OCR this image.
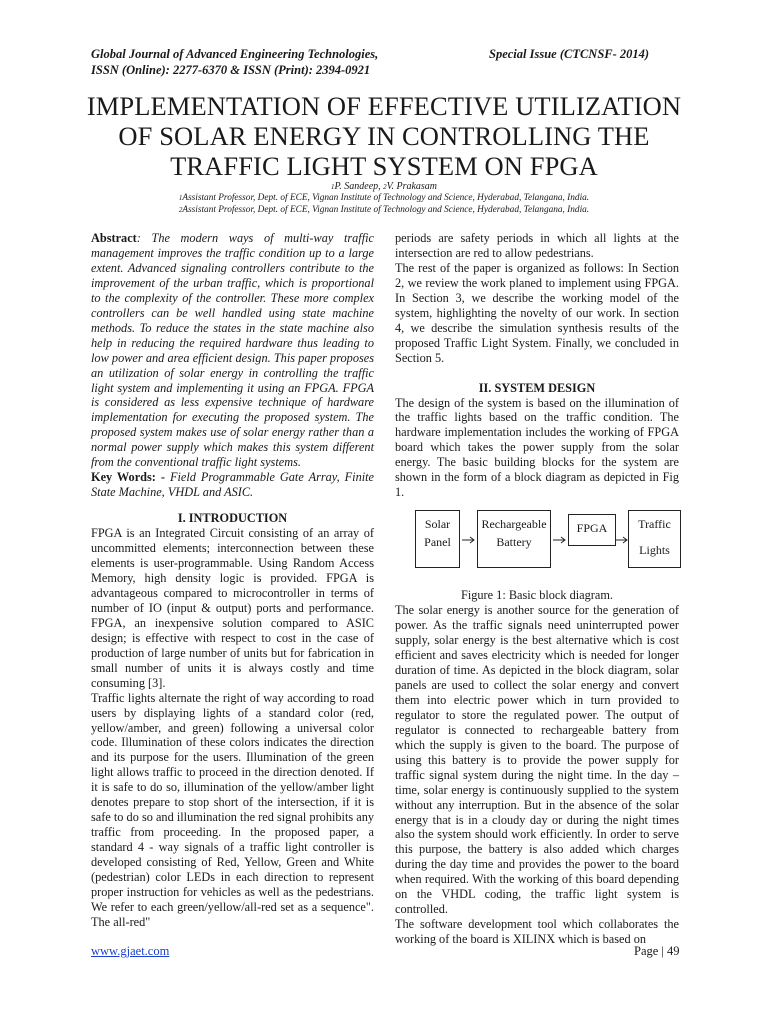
Global Journal of Advanced Engineering Technologies,
ISSN (Online): 2277-6370 & ISSN (Print): 2394-0921
Special Issue (CTCNSF- 2014)
IMPLEMENTATION OF EFFECTIVE UTILIZATION
OF SOLAR ENERGY IN CONTROLLING THE
TRAFFIC LIGHT SYSTEM ON FPGA
$^1$P. Sandeep, $^2$V. Prakasam
$^1$Assistant Professor, Dept. of ECE, Vignan Institute of Technology and Science, Hyderabad, Telangana, India.
$^2$Assistant Professor, Dept. of ECE, Vignan Institute of Technology and Science, Hyderabad, Telangana, India.

Abstract: The modern ways of multi-way traffic management improves the traffic condition up to a large extent. Advanced signaling controllers contribute to the improvement of the urban traffic, which is proportional to the complexity of the controller. These more complex controllers can be well handled using state machine methods. To reduce the states in the state machine also help in reducing the required hardware thus leading to low power and area efficient design. This paper proposes an utilization of solar energy in controlling the traffic light system and implementing it using an FPGA. FPGA is considered as less expensive technique of hardware implementation for executing the proposed system. The proposed system makes use of solar energy rather than a normal power supply which makes this system different from the conventional traffic light systems.

Key Words: - Field Programmable Gate Array, Finite State Machine, VHDL and ASIC.

I. INTRODUCTION

FPGA is an Integrated Circuit consisting of an array of uncommitted elements; interconnection between these elements is user-programmable. Using Random Access Memory, high density logic is provided. FPGA is advantageous compared to microcontroller in terms of number of IO (input & output) ports and performance. FPGA, an inexpensive solution compared to ASIC design; is effective with respect to cost in the case of production of large number of units but for fabrication in small number of units it is always costly and time consuming [3].

Traffic lights alternate the right of way according to road users by displaying lights of a standard color (red, yellow/amber, and green) following a universal color code. Illumination of these colors indicates the direction and its purpose for the users. Illumination of the green light allows traffic to proceed in the direction denoted. If it is safe to do so, illumination of the yellow/amber light denotes prepare to stop short of the intersection, if it is safe to do so and illumination the red signal prohibits any traffic from proceeding. In the proposed paper, a standard 4 - way signals of a traffic light controller is developed consisting of Red, Yellow, Green and White (pedestrian) color LEDs in each direction to represent proper instruction for vehicles as well as the pedestrians. We refer to each green/yellow/all-red set as a sequence". The all-red"

periods are safety periods in which all lights at the intersection are red to allow pedestrians.

The rest of the paper is organized as follows: In Section 2, we review the work planed to implement using FPGA. In Section 3, we describe the working model of the system, highlighting the novelty of our work. In section 4, we describe the simulation synthesis results of the proposed Traffic Light System. Finally, we concluded in Section 5.

II. SYSTEM DESIGN

The design of the system is based on the illumination of the traffic lights based on the traffic condition. The hardware implementation includes the working of FPGA board which takes the power supply from the solar energy. The basic building blocks for the system are shown in the form of a block diagram as depicted in Fig 1.

Figure 1: Basic block diagram.

The solar energy is another source for the generation of power. As the traffic signals need uninterrupted power supply, solar energy is the best alternative which is cost efficient and saves electricity which is needed for longer duration of time. As depicted in the block diagram, solar panels are used to collect the solar energy and convert them into electric power which in turn provided to regulator to store the regulated power. The output of regulator is connected to rechargeable battery from which the supply is given to the board. The purpose of using this battery is to provide the power supply for traffic signal system during the night time. In the day – time, solar energy is continuously supplied to the system without any interruption. But in the absence of the solar energy that is in a cloudy day or during the night times also the system should work efficiently. In order to serve this purpose, the battery is also added which charges during the day time and provides the power to the board when required. With the working of this board depending on the VHDL coding, the traffic light system is controlled.

The software development tool which collaborates the working of the board is XILINX which is based on

Solar
Panel
Rechargeable
Battery
FPGA	Traffic
Lights
www.gjaet.com	Page | 49
